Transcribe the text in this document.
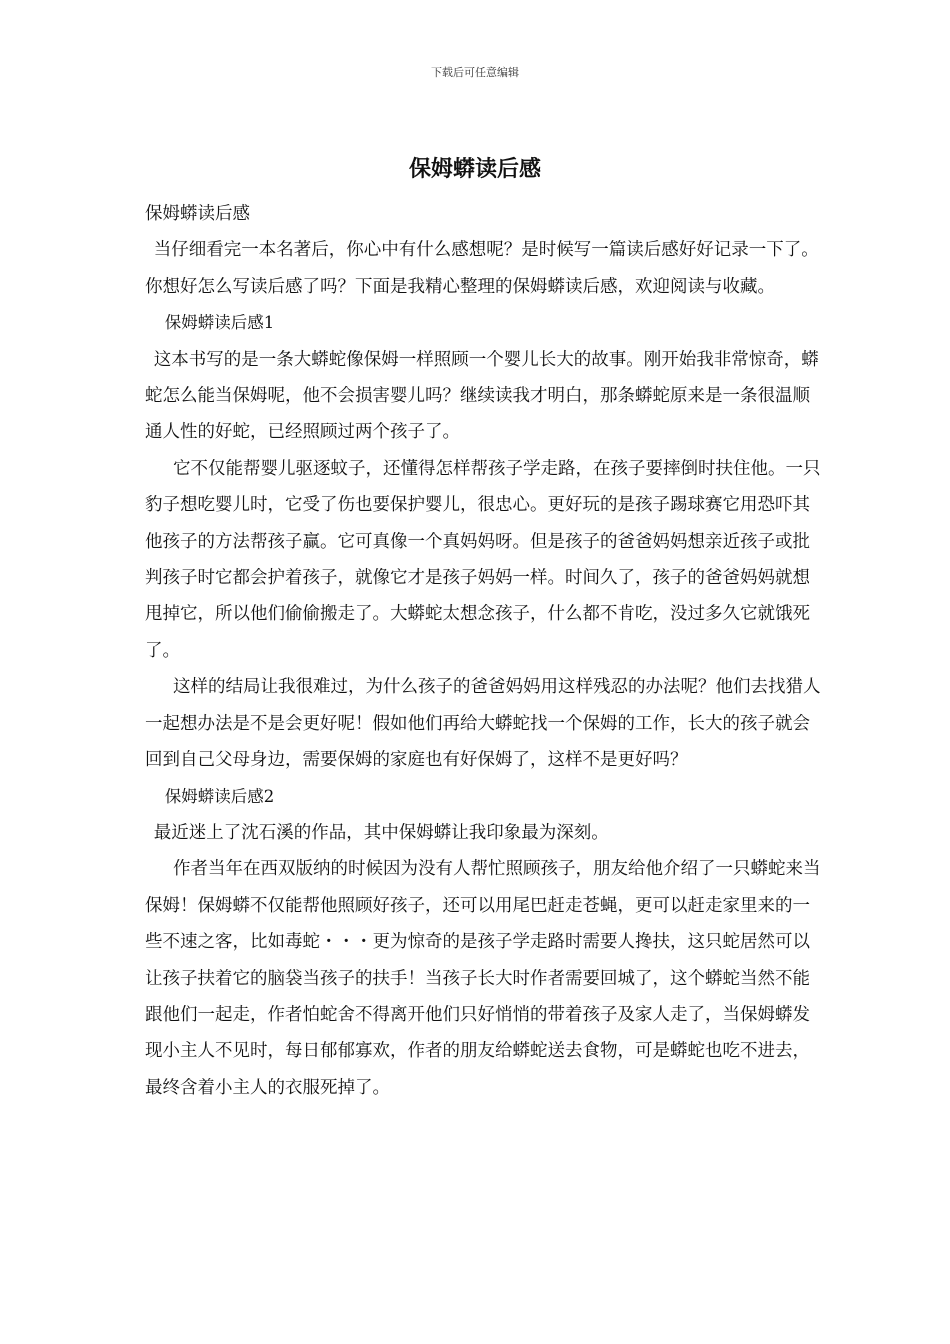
下载后可任意编辑
保姆蟒读后感

保姆蟒读后感

当仔细看完一本名著后，你心中有什么感想呢？是时候写一篇读后感好好记录一下了。你想好怎么写读后感了吗？下面是我精心整理的保姆蟒读后感，欢迎阅读与收藏。

保姆蟒读后感1

这本书写的是一条大蟒蛇像保姆一样照顾一个婴儿长大的故事。刚开始我非常惊奇，蟒蛇怎么能当保姆呢，他不会损害婴儿吗？继续读我才明白，那条蟒蛇原来是一条很温顺通人性的好蛇，已经照顾过两个孩子了。

它不仅能帮婴儿驱逐蚊子，还懂得怎样帮孩子学走路，在孩子要摔倒时扶住他。一只豹子想吃婴儿时，它受了伤也要保护婴儿，很忠心。更好玩的是孩子踢球赛它用恐吓其他孩子的方法帮孩子赢。它可真像一个真妈妈呀。但是孩子的爸爸妈妈想亲近孩子或批判孩子时它都会护着孩子，就像它才是孩子妈妈一样。时间久了，孩子的爸爸妈妈就想甩掉它，所以他们偷偷搬走了。大蟒蛇太想念孩子，什么都不肯吃，没过多久它就饿死了。

这样的结局让我很难过，为什么孩子的爸爸妈妈用这样残忍的办法呢？他们去找猎人一起想办法是不是会更好呢！假如他们再给大蟒蛇找一个保姆的工作，长大的孩子就会回到自己父母身边，需要保姆的家庭也有好保姆了，这样不是更好吗？

保姆蟒读后感2

最近迷上了沈石溪的作品，其中保姆蟒让我印象最为深刻。

作者当年在西双版纳的时候因为没有人帮忙照顾孩子，朋友给他介绍了一只蟒蛇来当保姆！保姆蟒不仅能帮他照顾好孩子，还可以用尾巴赶走苍蝇，更可以赶走家里来的一些不速之客，比如毒蛇・・・更为惊奇的是孩子学走路时需要人搀扶，这只蛇居然可以让孩子扶着它的脑袋当孩子的扶手！当孩子长大时作者需要回城了，这个蟒蛇当然不能跟他们一起走，作者怕蛇舍不得离开他们只好悄悄的带着孩子及家人走了，当保姆蟒发现小主人不见时，每日郁郁寡欢，作者的朋友给蟒蛇送去食物，可是蟒蛇也吃不进去，最终含着小主人的衣服死掉了。
